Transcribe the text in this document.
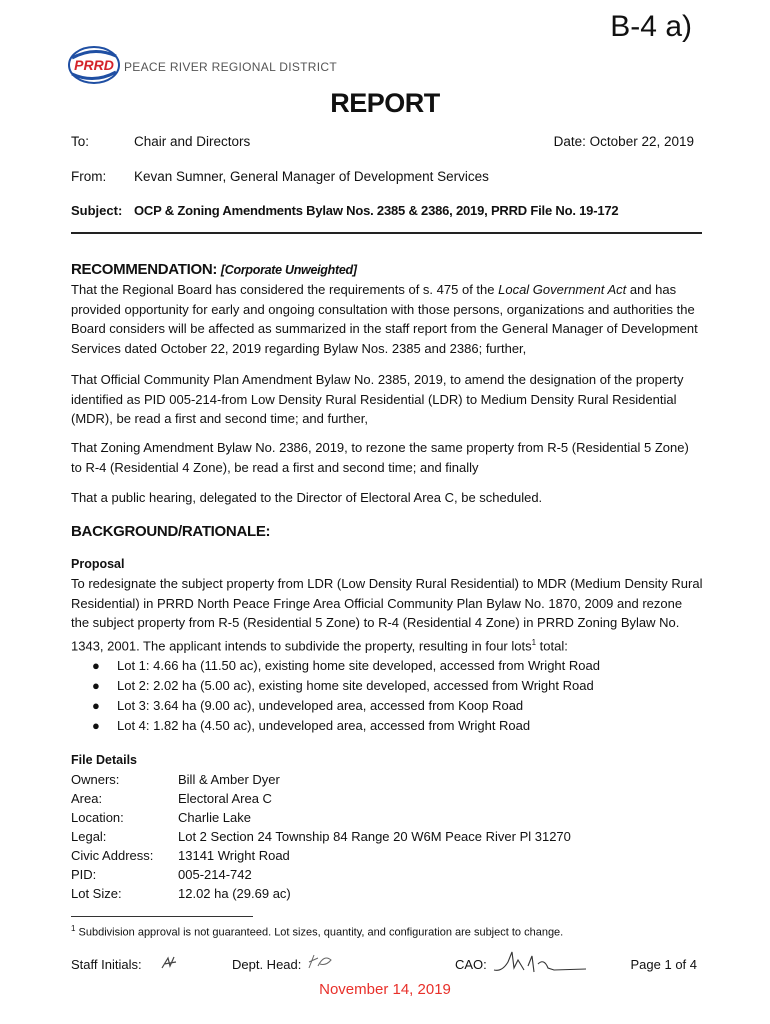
B-4 a)
PRRD PEACE RIVER REGIONAL DISTRICT
REPORT
To:	Chair and Directors	Date: October 22, 2019
From: Kevan Sumner, General Manager of Development Services
Subject: OCP & Zoning Amendments Bylaw Nos. 2385 & 2386, 2019, PRRD File No. 19-172
RECOMMENDATION: [Corporate Unweighted]
That the Regional Board has considered the requirements of s. 475 of the Local Government Act and has provided opportunity for early and ongoing consultation with those persons, organizations and authorities the Board considers will be affected as summarized in the staff report from the General Manager of Development Services dated October 22, 2019 regarding Bylaw Nos. 2385 and 2386; further,
That Official Community Plan Amendment Bylaw No. 2385, 2019, to amend the designation of the property identified as PID 005-214-from Low Density Rural Residential (LDR) to Medium Density Rural Residential (MDR), be read a first and second time; and further,
That Zoning Amendment Bylaw No. 2386, 2019, to rezone the same property from R-5 (Residential 5 Zone) to R-4 (Residential 4 Zone), be read a first and second time; and finally
That a public hearing, delegated to the Director of Electoral Area C, be scheduled.
BACKGROUND/RATIONALE:
Proposal
To redesignate the subject property from LDR (Low Density Rural Residential) to MDR (Medium Density Rural Residential) in PRRD North Peace Fringe Area Official Community Plan Bylaw No. 1870, 2009 and rezone the subject property from R-5 (Residential 5 Zone) to R-4 (Residential 4 Zone) in PRRD Zoning Bylaw No. 1343, 2001. The applicant intends to subdivide the property, resulting in four lots$^1$ total:
● Lot 1: 4.66 ha (11.50 ac), existing home site developed, accessed from Wright Road
● Lot 2: 2.02 ha (5.00 ac), existing home site developed, accessed from Wright Road
● Lot 3: 3.64 ha (9.00 ac), undeveloped area, accessed from Koop Road
● Lot 4: 1.82 ha (4.50 ac), undeveloped area, accessed from Wright Road
File Details
Owners:	Bill & Amber Dyer
Area:	Electoral Area C
Location:	Charlie Lake
Legal:	Lot 2 Section 24 Township 84 Range 20 W6M Peace River Pl 31270
Civic Address: 13141 Wright Road
PID:	005-214-742
Lot Size:	12.02 ha (29.69 ac)
$^1$ Subdivision approval is not guaranteed. Lot sizes, quantity, and configuration are subject to change.
Staff Initials:	Dept. Head:	CAO:	Page 1 of 4
November 14, 2019
